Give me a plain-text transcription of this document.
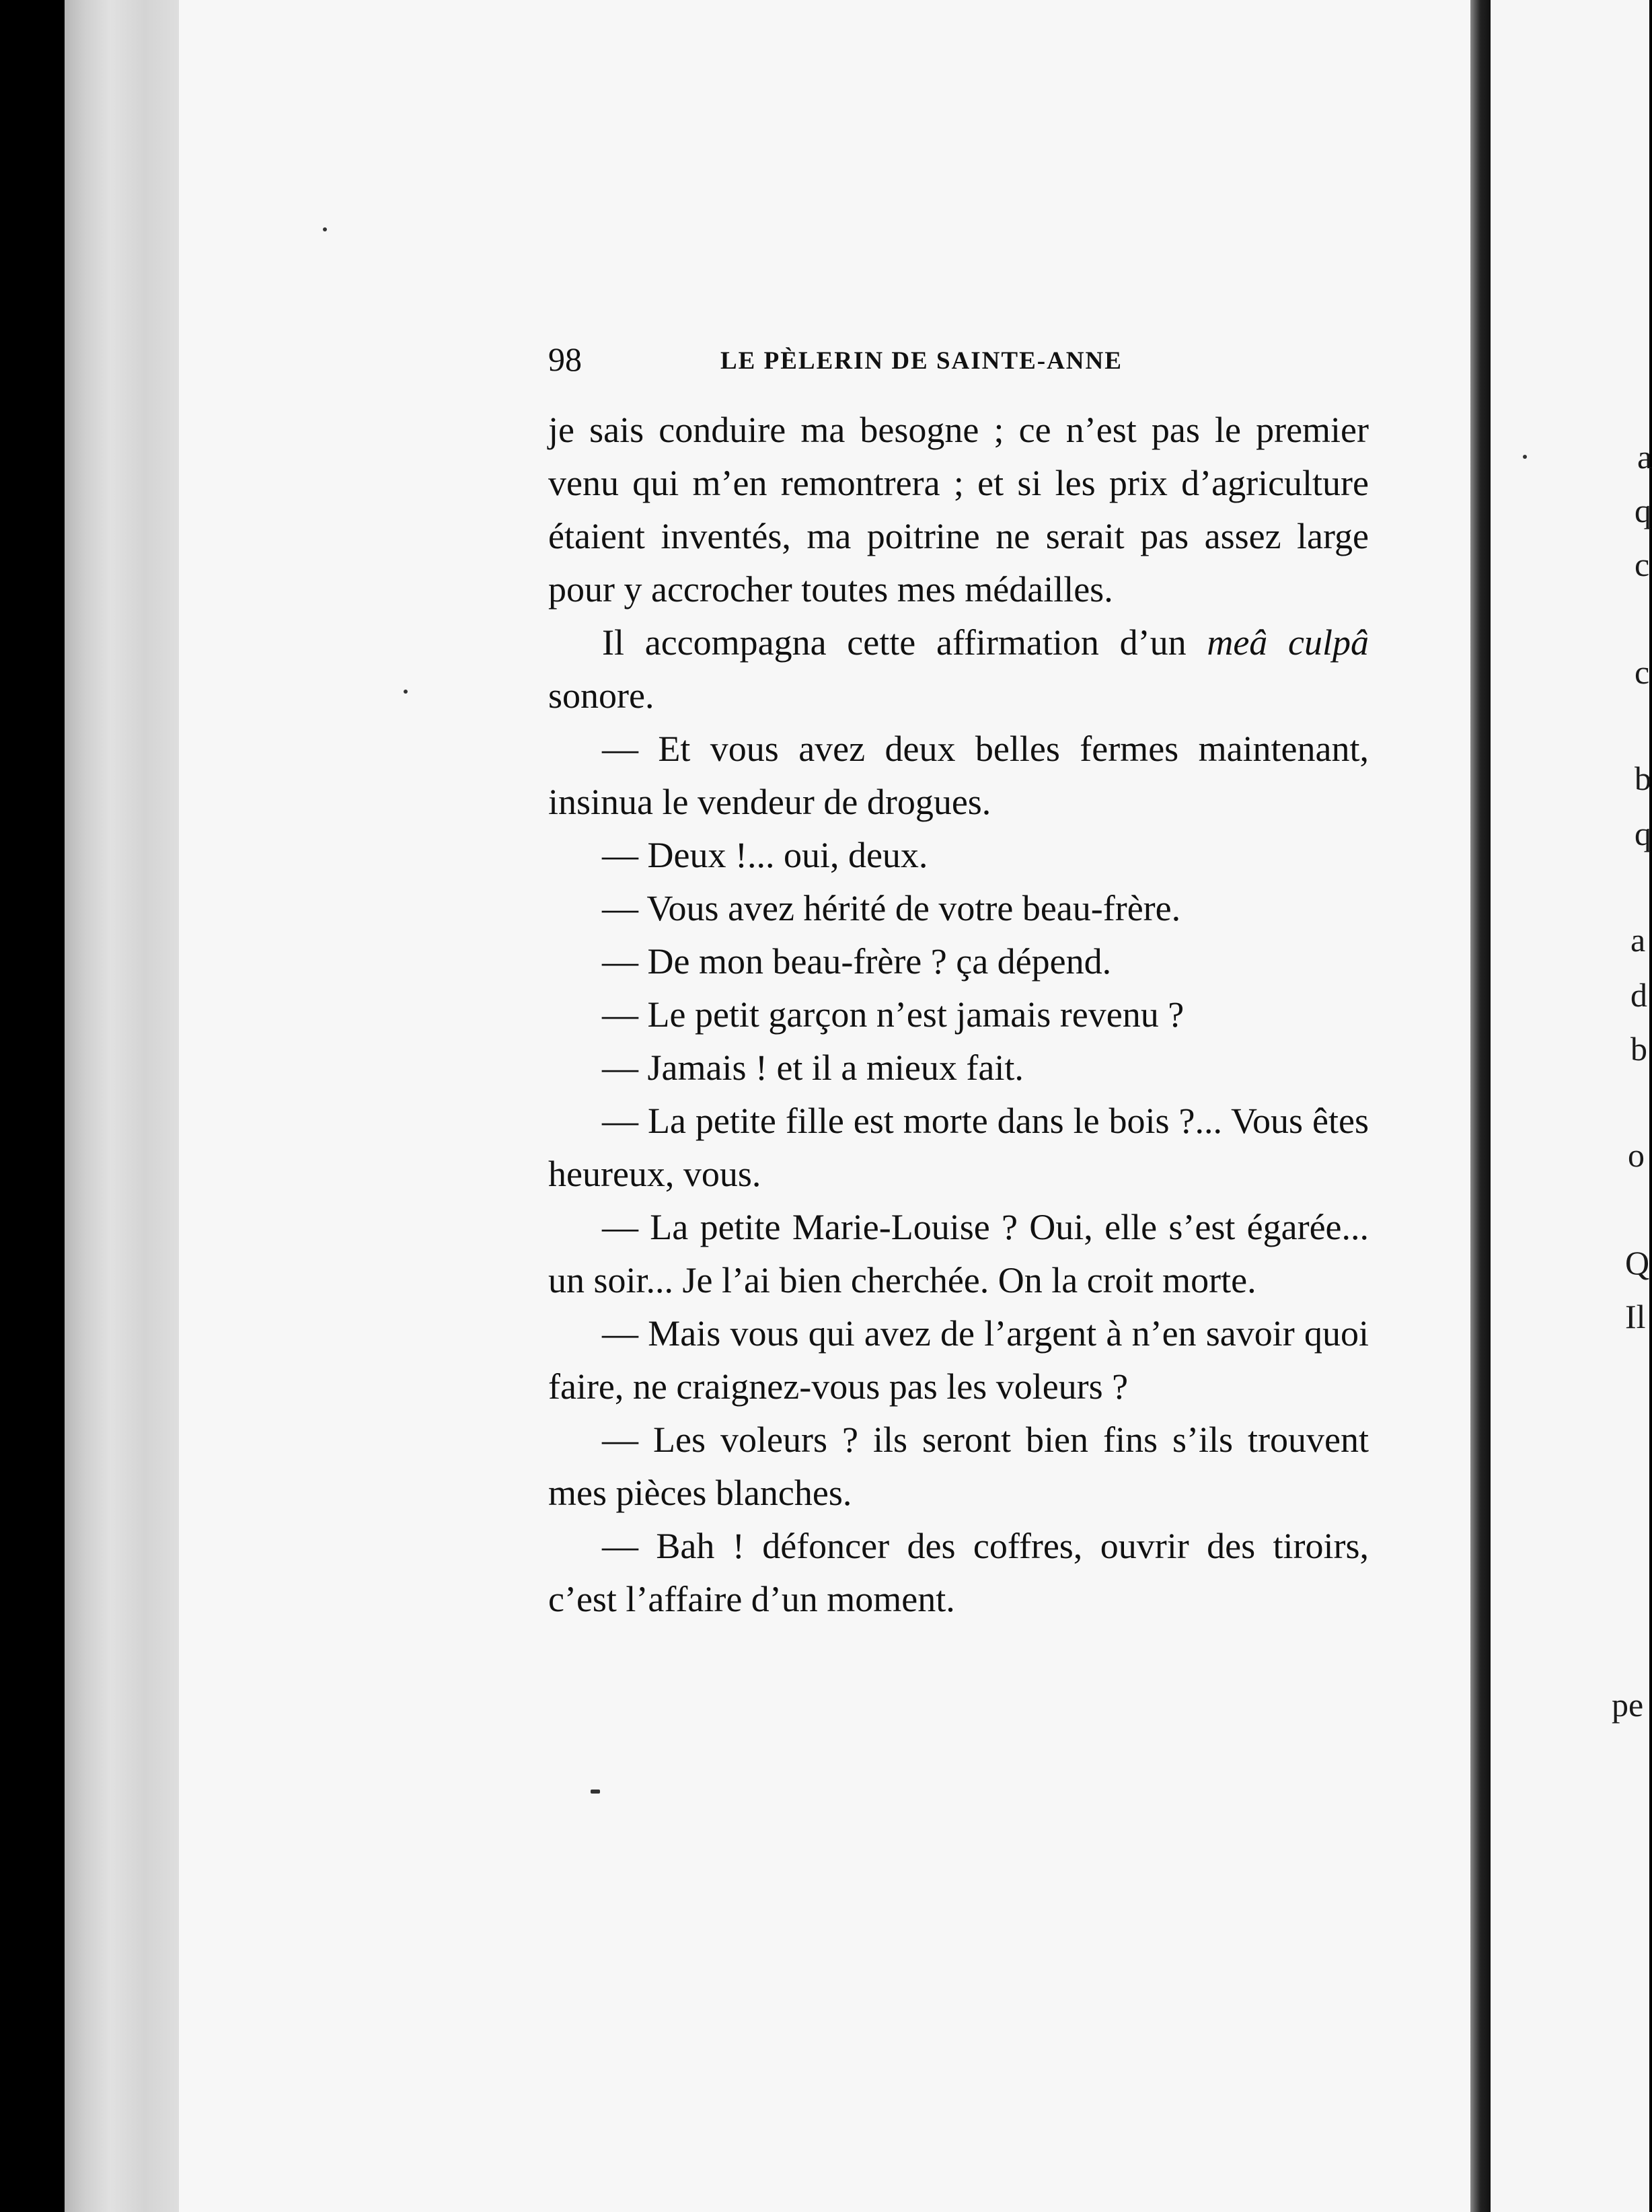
98	LE PÈLERIN DE SAINTE-ANNE

je sais conduire ma besogne ; ce n’est pas le premier venu qui m’en remontrera ; et si les prix d’agriculture étaient inventés, ma poitrine ne serait pas assez large pour y accrocher toutes mes médailles.

Il accompagna cette affirmation d’un meâ culpâ sonore.

— Et vous avez deux belles fermes maintenant, insinua le vendeur de drogues.

— Deux !... oui, deux.

— Vous avez hérité de votre beau-frère.

— De mon beau-frère ? ça dépend.

— Le petit garçon n’est jamais revenu ?

— Jamais ! et il a mieux fait.

— La petite fille est morte dans le bois ?... Vous êtes heureux, vous.

— La petite Marie-Louise ? Oui, elle s’est égarée... un soir... Je l’ai bien cherchée. On la croit morte.

— Mais vous qui avez de l’argent à n’en savoir quoi faire, ne craignez-vous pas les voleurs ?

— Les voleurs ? ils seront bien fins s’ils trouvent mes pièces blanches.

— Bah ! défoncer des coffres, ouvrir des tiroirs, c’est l’affaire d’un moment.

a
q
c
c
b
q
a
d
b
o
Q
Il
pe
